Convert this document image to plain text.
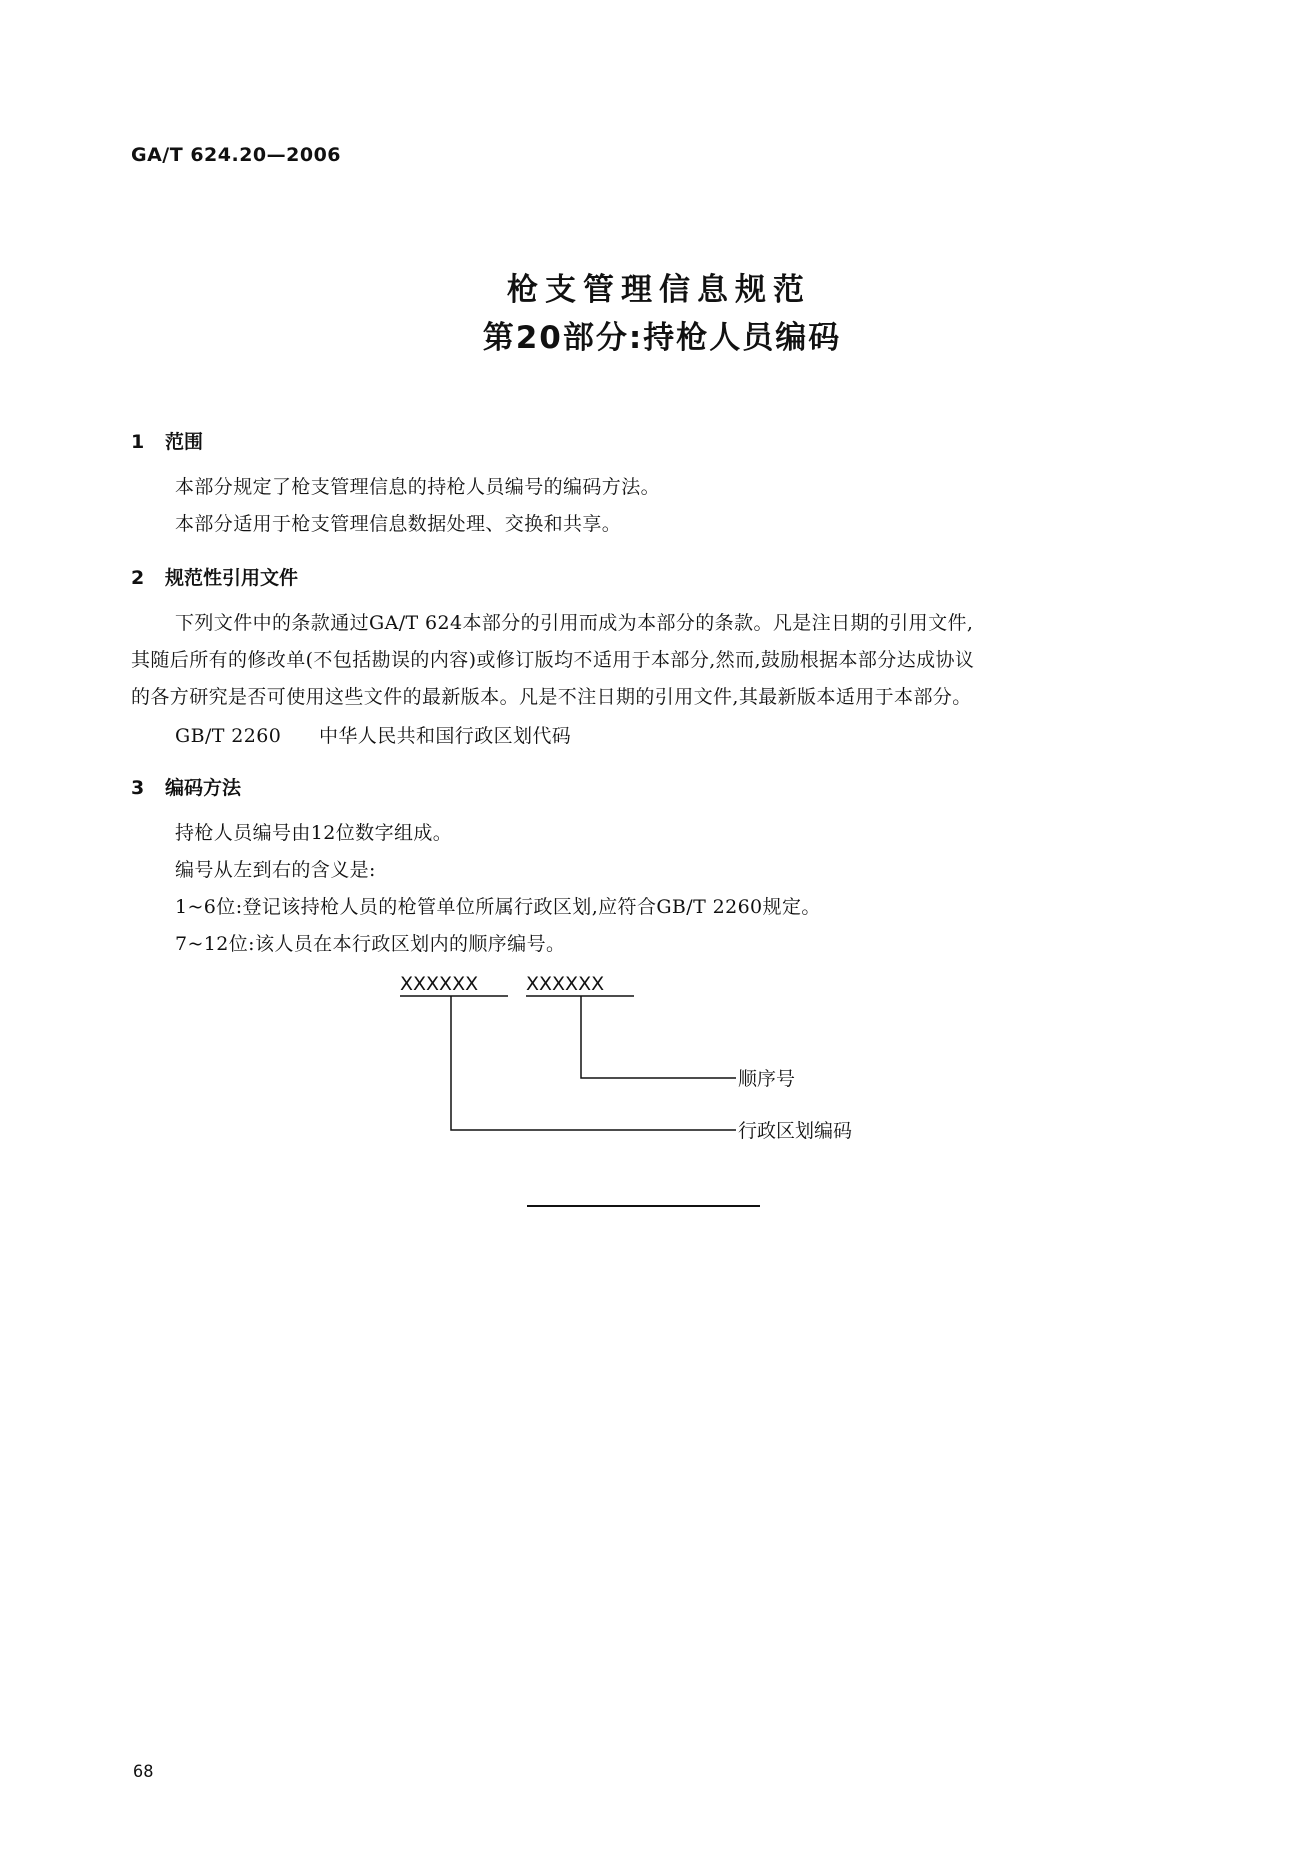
GA/T 624.20—2006
枪支管理信息规范
第20部分:持枪人员编码
1 范围
本部分规定了枪支管理信息的持枪人员编号的编码方法。
本部分适用于枪支管理信息数据处理、交换和共享。
2 规范性引用文件
下列文件中的条款通过GA/T 624本部分的引用而成为本部分的条款。凡是注日期的引用文件,
其随后所有的修改单(不包括勘误的内容)或修订版均不适用于本部分,然而,鼓励根据本部分达成协议
的各方研究是否可使用这些文件的最新版本。凡是不注日期的引用文件,其最新版本适用于本部分。
GB/T 2260 中华人民共和国行政区划代码
3 编码方法
持枪人员编号由12位数字组成。
编号从左到右的含义是:
1~6位:登记该持枪人员的枪管单位所属行政区划,应符合GB/T 2260规定。
7~12位:该人员在本行政区划内的顺序编号。
XXXXXX	XXXXXX
顺序号
行政区划编码
68
